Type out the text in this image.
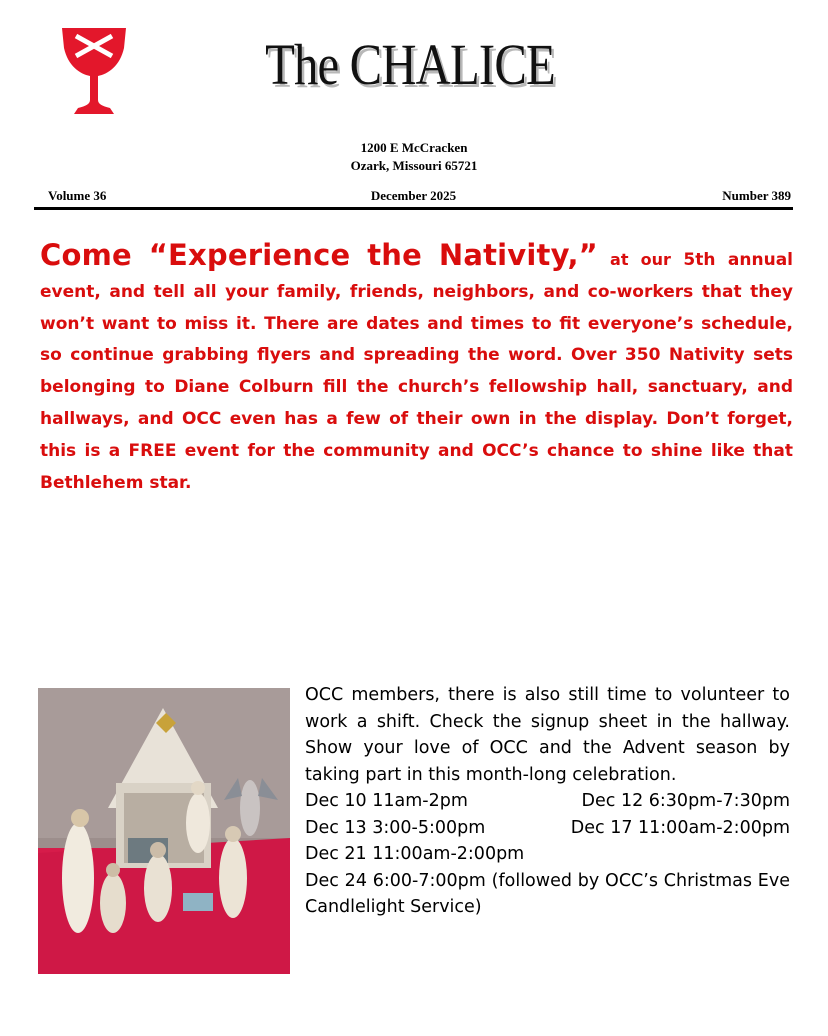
The CHALICE
1200 E McCracken
Ozark, Missouri 65721
December 2025
Volume 36	Number 389

Come “Experience the Nativity,” at our 5th annual event, and tell all your family, friends, neighbors, and co-workers that they won’t want to miss it. There are dates and times to fit everyone’s schedule, so continue grabbing flyers and spreading the word. Over 350 Nativity sets belonging to Diane Colburn fill the church’s fellowship hall, sanctuary, and hallways, and OCC even has a few of their own in the display. Don’t forget, this is a FREE event for the community and OCC’s chance to shine like that Bethlehem star.

OCC members, there is also still time to volunteer to work a shift. Check the signup sheet in the hallway. Show your love of OCC and the Advent season by taking part in this month-long celebration.
Dec 10 11am-2pm	Dec 12 6:30pm-7:30pm
Dec 13 3:00-5:00pm	Dec 17 11:00am-2:00pm
Dec 21 11:00am-2:00pm
Dec 24 6:00-7:00pm (followed by OCC’s Christmas Eve Candlelight Service)
